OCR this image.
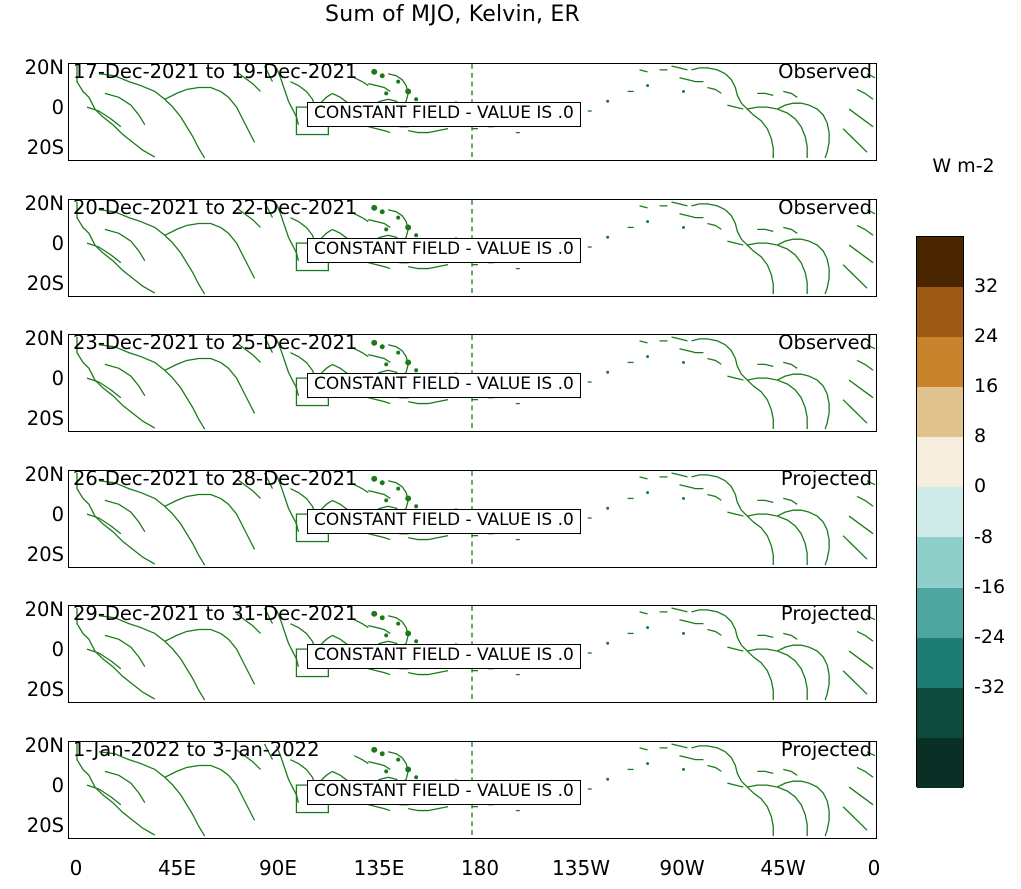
Sum of MJO, Kelvin, ER
20N
0
20S
17-Dec-2021 to 19-Dec-2021	Observed
CONSTANT FIELD - VALUE IS .0
20N
0
20S
20-Dec-2021 to 22-Dec-2021	Observed
CONSTANT FIELD - VALUE IS .0
20N
0
20S
23-Dec-2021 to 25-Dec-2021	Observed
CONSTANT FIELD - VALUE IS .0
20N
0
20S
26-Dec-2021 to 28-Dec-2021	Projected
CONSTANT FIELD - VALUE IS .0
20N
0
20S
29-Dec-2021 to 31-Dec-2021	Projected
CONSTANT FIELD - VALUE IS .0
20N
0
20S
1-Jan-2022 to 3-Jan-2022	Projected
CONSTANT FIELD - VALUE IS .0
0	45E	90E	135E	180	135W 90W	45W	0
W m-2
32
24
16
8
0
-8
-16
-24
-32
